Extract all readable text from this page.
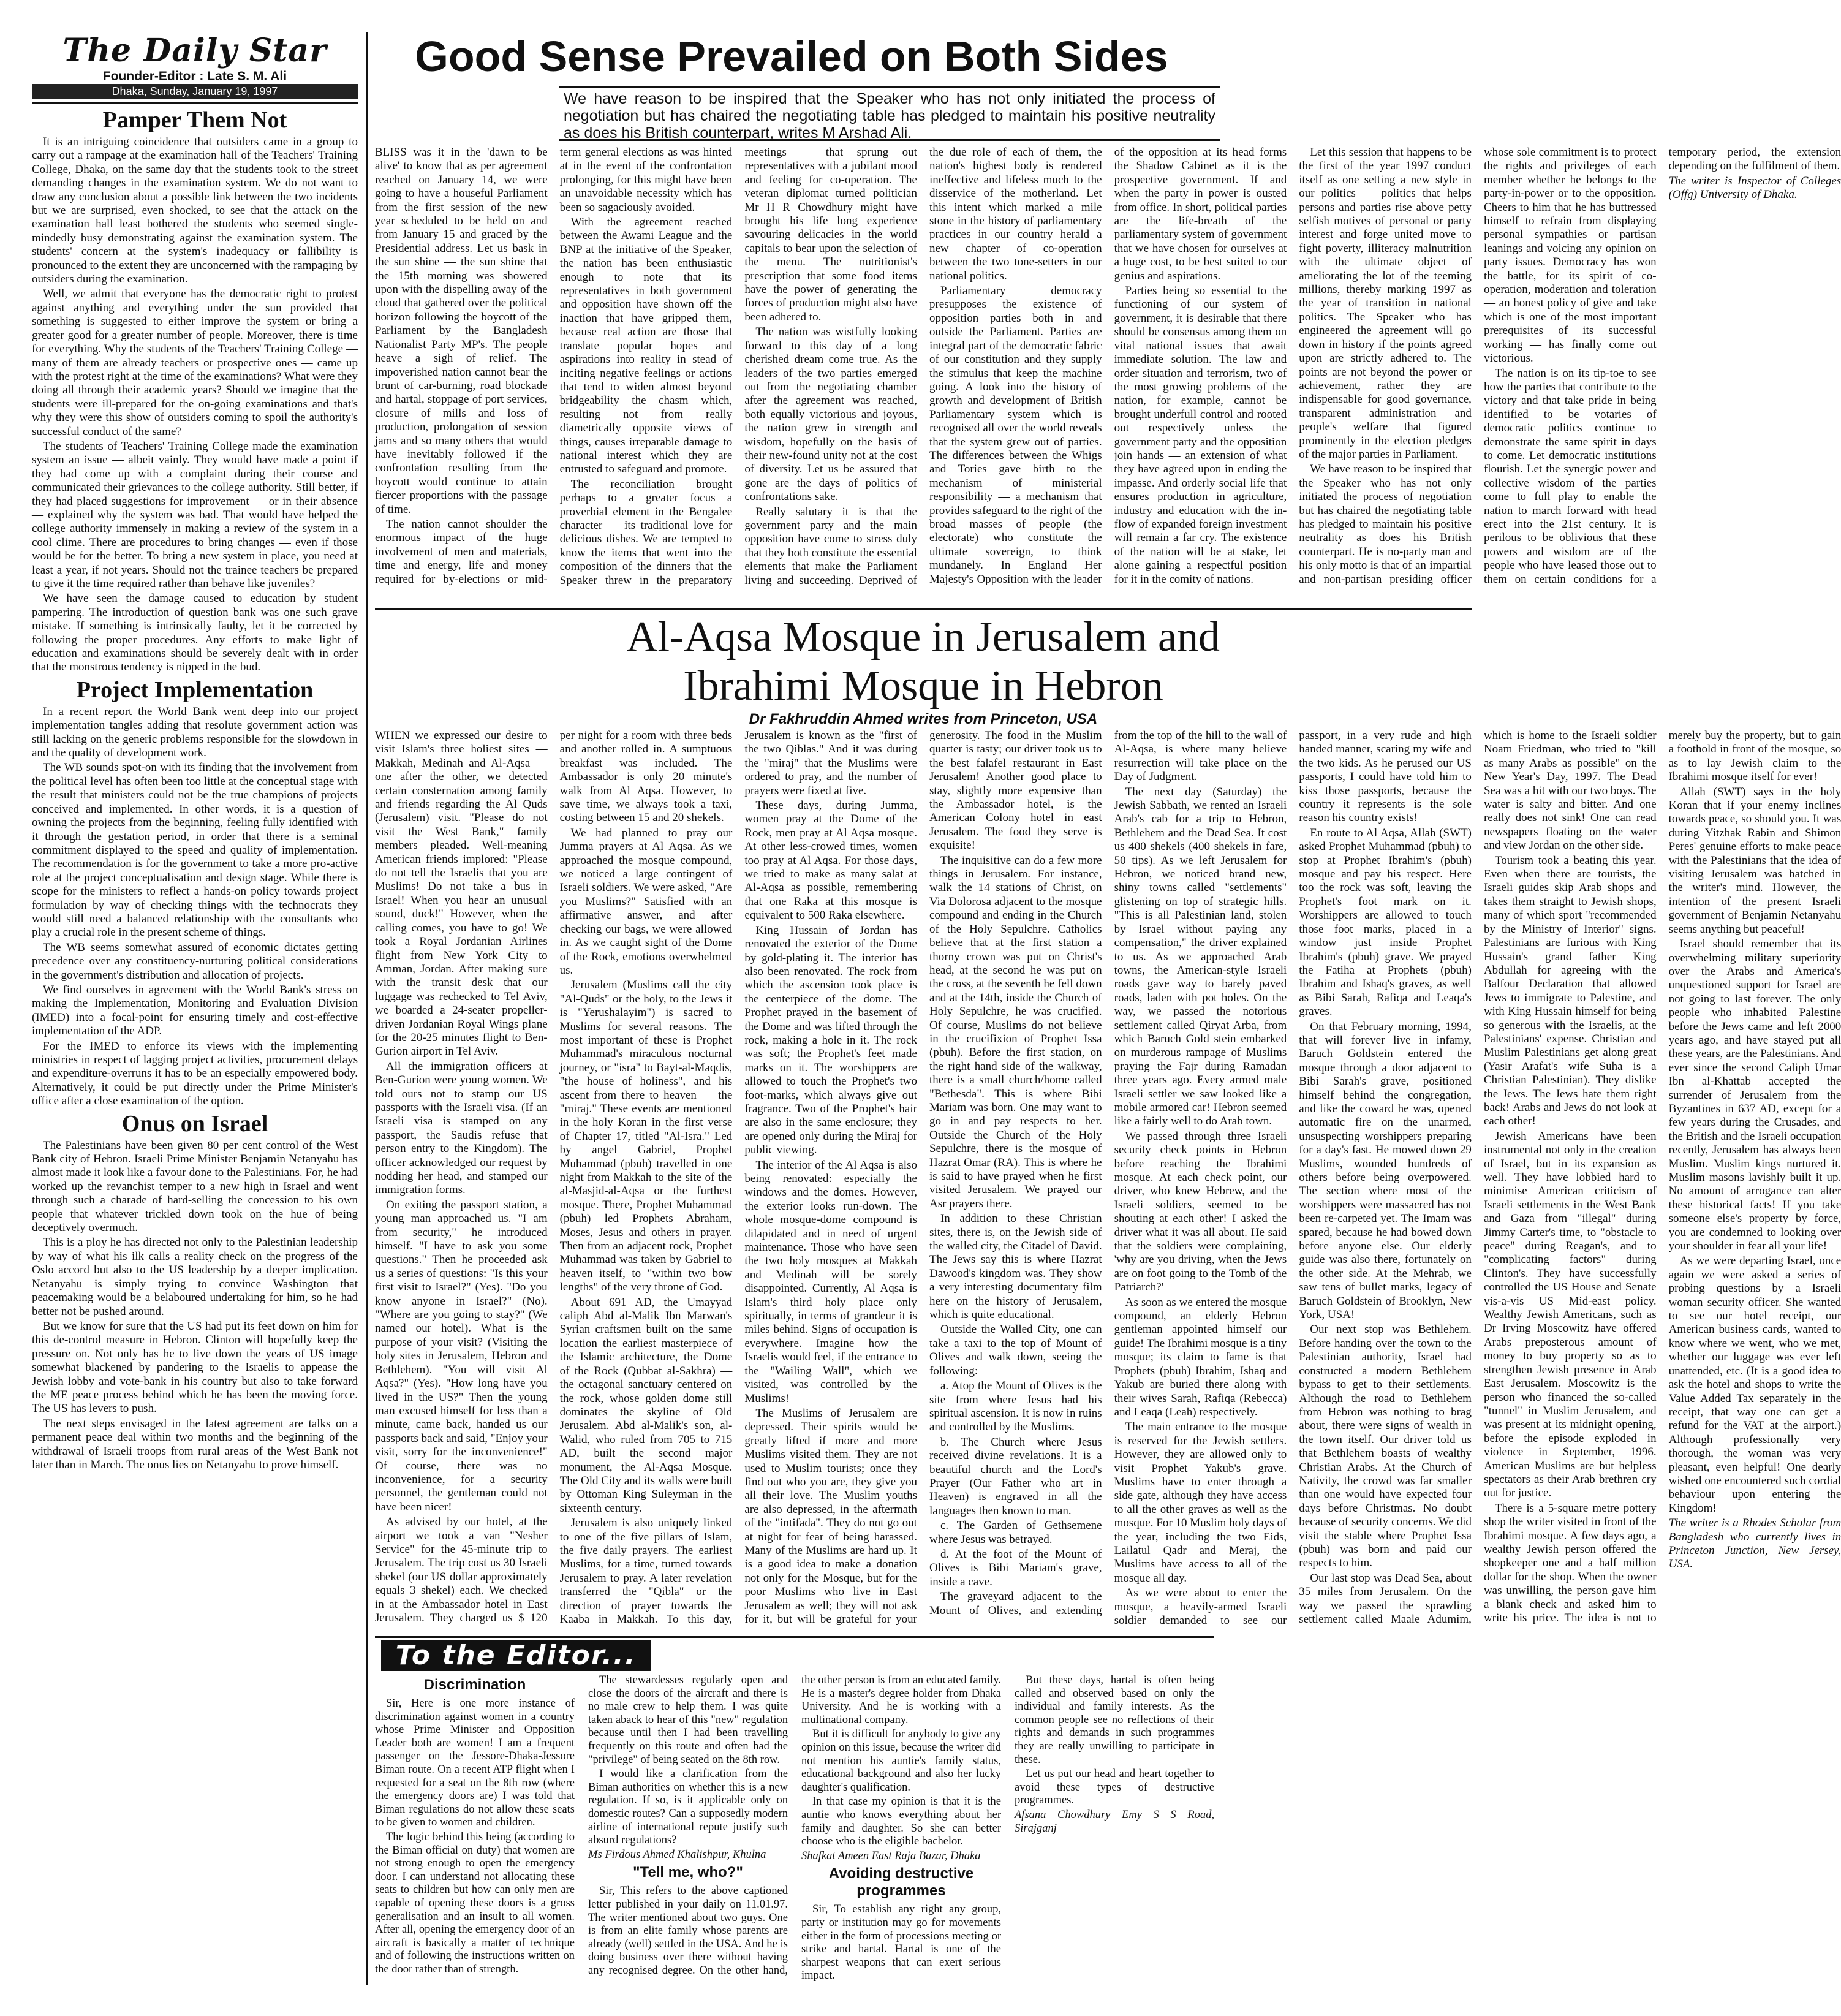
The Daily Star
Founder-Editor : Late S. M. Ali
Dhaka, Sunday, January 19, 1997
Pamper Them Not

It is an intriguing coincidence that outsiders came in a group to carry out a rampage at the examination hall of the Teachers' Training College, Dhaka, on the same day that the students took to the street demanding changes in the examination system. We do not want to draw any conclusion about a possible link between the two incidents but we are surprised, even shocked, to see that the attack on the examination hall least bothered the students who seemed single-mindedly busy demonstrating against the examination system. The students' concern at the system's inadequacy or fallibility is pronounced to the extent they are unconcerned with the rampaging by outsiders during the examination.

Well, we admit that everyone has the democratic right to protest against anything and everything under the sun provided that something is suggested to either improve the system or bring a greater good for a greater number of people. Moreover, there is time for everything. Why the students of the Teachers' Training College — many of them are already teachers or prospective ones — came up with the protest right at the time of the examinations? What were they doing all through their academic years? Should we imagine that the students were ill-prepared for the on-going examinations and that's why they were this show of outsiders coming to spoil the authority's successful conduct of the same?

The students of Teachers' Training College made the examination system an issue — albeit vainly. They would have made a point if they had come up with a complaint during their course and communicated their grievances to the college authority. Still better, if they had placed suggestions for improvement — or in their absence — explained why the system was bad. That would have helped the college authority immensely in making a review of the system in a cool clime. There are procedures to bring changes — even if those would be for the better. To bring a new system in place, you need at least a year, if not years. Should not the trainee teachers be prepared to give it the time required rather than behave like juveniles?

We have seen the damage caused to education by student pampering. The introduction of question bank was one such grave mistake. If something is intrinsically faulty, let it be corrected by following the proper procedures. Any efforts to make light of education and examinations should be severely dealt with in order that the monstrous tendency is nipped in the bud.

Project Implementation

In a recent report the World Bank went deep into our project implementation tangles adding that resolute government action was still lacking on the generic problems responsible for the slowdown in and the quality of development work.

The WB sounds spot-on with its finding that the involvement from the political level has often been too little at the conceptual stage with the result that ministers could not be the true champions of projects conceived and implemented. In other words, it is a question of owning the projects from the beginning, feeling fully identified with it through the gestation period, in order that there is a seminal commitment displayed to the speed and quality of implementation. The recommendation is for the government to take a more pro-active role at the project conceptualisation and design stage. While there is scope for the ministers to reflect a hands-on policy towards project formulation by way of checking things with the technocrats they would still need a balanced relationship with the consultants who play a crucial role in the present scheme of things.

The WB seems somewhat assured of economic dictates getting precedence over any constituency-nurturing political considerations in the government's distribution and allocation of projects.

We find ourselves in agreement with the World Bank's stress on making the Implementation, Monitoring and Evaluation Division (IMED) into a focal-point for ensuring timely and cost-effective implementation of the ADP.

For the IMED to enforce its views with the implementing ministries in respect of lagging project activities, procurement delays and expenditure-overruns it has to be an especially empowered body. Alternatively, it could be put directly under the Prime Minister's office after a close examination of the option.

Onus on Israel

The Palestinians have been given 80 per cent control of the West Bank city of Hebron. Israeli Prime Minister Benjamin Netanyahu has almost made it look like a favour done to the Palestinians. For, he had worked up the revanchist temper to a new high in Israel and went through such a charade of hard-selling the concession to his own people that whatever trickled down took on the hue of being deceptively overmuch.

This is a ploy he has directed not only to the Palestinian leadership by way of what his ilk calls a reality check on the progress of the Oslo accord but also to the US leadership by a deeper implication. Netanyahu is simply trying to convince Washington that peacemaking would be a belaboured undertaking for him, so he had better not be pushed around.

But we know for sure that the US had put its feet down on him for this de-control measure in Hebron. Clinton will hopefully keep the pressure on. Not only has he to live down the years of US image somewhat blackened by pandering to the Israelis to appease the Jewish lobby and vote-bank in his country but also to take forward the ME peace process behind which he has been the moving force. The US has levers to push.

The next steps envisaged in the latest agreement are talks on a permanent peace deal within two months and the beginning of the withdrawal of Israeli troops from rural areas of the West Bank not later than in March. The onus lies on Netanyahu to prove himself.

Good Sense Prevailed on Both Sides
We have reason to be inspired that the Speaker who has not only initiated the process of negotiation but has chaired the negotiating table has pledged to maintain his positive neutrality as does his British counterpart, writes M Arshad Ali.

BLISS was it in the 'dawn to be alive' to know that as per agreement reached on January 14, we were going to have a houseful Parliament from the first session of the new year scheduled to be held on and from January 15 and graced by the Presidential address. Let us bask in the sun shine — the sun shine that the 15th morning was showered upon with the dispelling away of the cloud that gathered over the political horizon following the boycott of the Parliament by the Bangladesh Nationalist Party MP's. The people heave a sigh of relief. The impoverished nation cannot bear the brunt of car-burning, road blockade and hartal, stoppage of port services, closure of mills and loss of production, prolongation of session jams and so many others that would have inevitably followed if the confrontation resulting from the boycott would continue to attain fiercer proportions with the passage of time.

The nation cannot shoulder the enormous impact of the huge involvement of men and materials, time and energy, life and money required for by-elections or mid-term general elections as was hinted at in the event of the confrontation prolonging, for this might have been an unavoidable necessity which has been so sagaciously avoided.

With the agreement reached between the Awami League and the BNP at the initiative of the Speaker, the nation has been enthusiastic enough to note that its representatives in both government and opposition have shown off the inaction that have gripped them, because real action are those that translate popular hopes and aspirations into reality in stead of inciting negative feelings or actions that tend to widen almost beyond bridgeability the chasm which, resulting not from really diametrically opposite views of things, causes irreparable damage to national interest which they are entrusted to safeguard and promote.

The reconciliation brought perhaps to a greater focus a proverbial element in the Bengalee character — its traditional love for delicious dishes. We are tempted to know the items that went into the composition of the dinners that the Speaker threw in the preparatory meetings — that sprung out representatives with a jubilant mood and feeling for co-operation. The veteran diplomat turned politician Mr H R Chowdhury might have brought his life long experience savouring delicacies in the world capitals to bear upon the selection of the menu. The nutritionist's prescription that some food items have the power of generating the forces of production might also have been adhered to.

The nation was wistfully looking forward to this day of a long cherished dream come true. As the leaders of the two parties emerged out from the negotiating chamber after the agreement was reached, both equally victorious and joyous, the nation grew in strength and wisdom, hopefully on the basis of their new-found unity not at the cost of diversity. Let us be assured that gone are the days of politics of confrontations sake.

Really salutary it is that the government party and the main opposition have come to stress duly that they both constitute the essential elements that make the Parliament living and succeeding. Deprived of the due role of each of them, the nation's highest body is rendered ineffective and lifeless much to the disservice of the motherland. Let this intent which marked a mile stone in the history of parliamentary practices in our country herald a new chapter of co-operation between the two tone-setters in our national politics.

Parliamentary democracy presupposes the existence of opposition parties both in and outside the Parliament. Parties are integral part of the democratic fabric of our constitution and they supply the stimulus that keep the machine going. A look into the history of growth and development of British Parliamentary system which is recognised all over the world reveals that the system grew out of parties. The differences between the Whigs and Tories gave birth to the mechanism of ministerial responsibility — a mechanism that provides safeguard to the right of the broad masses of people (the electorate) who constitute the ultimate sovereign, to think mundanely. In England Her Majesty's Opposition with the leader of the opposition at its head forms the Shadow Cabinet as it is the prospective government. If and when the party in power is ousted from office. In short, political parties are the life-breath of the parliamentary system of government that we have chosen for ourselves at a huge cost, to be best suited to our genius and aspirations.

Parties being so essential to the functioning of our system of government, it is desirable that there should be consensus among them on vital national issues that await immediate solution. The law and order situation and terrorism, two of the most growing problems of the nation, for example, cannot be brought underfull control and rooted out respectively unless the government party and the opposition join hands — an extension of what they have agreed upon in ending the impasse. And orderly social life that ensures production in agriculture, industry and education with the in-flow of expanded foreign investment will remain a far cry. The existence of the nation will be at stake, let alone gaining a respectful position for it in the comity of nations.

Let this session that happens to be the first of the year 1997 conduct itself as one setting a new style in our politics — politics that helps persons and parties rise above petty selfish motives of personal or party interest and forge united move to fight poverty, illiteracy malnutrition with the ultimate object of ameliorating the lot of the teeming millions, thereby marking 1997 as the year of transition in national politics. The Speaker who has engineered the agreement will go down in history if the points agreed upon are strictly adhered to. The points are not beyond the power or achievement, rather they are indispensable for good governance, transparent administration and people's welfare that figured prominently in the election pledges of the major parties in Parliament.

We have reason to be inspired that the Speaker who has not only initiated the process of negotiation but has chaired the negotiating table has pledged to maintain his positive neutrality as does his British counterpart. He is no-party man and his only motto is that of an impartial and non-partisan presiding officer whose sole commitment is to protect the rights and privileges of each member whether he belongs to the party-in-power or to the opposition. Cheers to him that he has buttressed himself to refrain from displaying personal sympathies or partisan leanings and voicing any opinion on party issues. Democracy has won the battle, for its spirit of co-operation, moderation and toleration — an honest policy of give and take which is one of the most important prerequisites of its successful working — has finally come out victorious.

The nation is on its tip-toe to see how the parties that contribute to the victory and that take pride in being identified to be votaries of democratic politics continue to demonstrate the same spirit in days to come. Let democratic institutions flourish. Let the synergic power and collective wisdom of the parties come to full play to enable the nation to march forward with head erect into the 21st century. It is perilous to be oblivious that these powers and wisdom are of the people who have leased those out to them on certain conditions for a temporary period, the extension depending on the fulfilment of them.

The writer is Inspector of Colleges (Offg) University of Dhaka.

Al-Aqsa Mosque in Jerusalem and
Ibrahimi Mosque in Hebron
Dr Fakhruddin Ahmed writes from Princeton, USA

WHEN we expressed our desire to visit Islam's three holiest sites — Makkah, Medinah and Al-Aqsa — one after the other, we detected certain consternation among family and friends regarding the Al Quds (Jerusalem) visit. "Please do not visit the West Bank," family members pleaded. Well-meaning American friends implored: "Please do not tell the Israelis that you are Muslims! Do not take a bus in Israel! When you hear an unusual sound, duck!" However, when the calling comes, you have to go! We took a Royal Jordanian Airlines flight from New York City to Amman, Jordan. After making sure with the transit desk that our luggage was rechecked to Tel Aviv, we boarded a 24-seater propeller-driven Jordanian Royal Wings plane for the 20-25 minutes flight to Ben-Gurion airport in Tel Aviv.

All the immigration officers at Ben-Gurion were young women. We told ours not to stamp our US passports with the Israeli visa. (If an Israeli visa is stamped on any passport, the Saudis refuse that person entry to the Kingdom). The officer acknowledged our request by nodding her head, and stamped our immigration forms.

On exiting the passport station, a young man approached us. "I am from security," he introduced himself. "I have to ask you some questions." Then he proceeded ask us a series of questions: "Is this your first visit to Israel?" (Yes). "Do you know anyone in Israel?" (No). "Where are you going to stay?" (We named our hotel). What is the purpose of your visit? (Visiting the holy sites in Jerusalem, Hebron and Bethlehem). "You will visit Al Aqsa?" (Yes). "How long have you lived in the US?" Then the young man excused himself for less than a minute, came back, handed us our passports back and said, "Enjoy your visit, sorry for the inconvenience!" Of course, there was no inconvenience, for a security personnel, the gentleman could not have been nicer!

As advised by our hotel, at the airport we took a van "Nesher Service" for the 45-minute trip to Jerusalem. The trip cost us 30 Israeli shekel (our US dollar approximately equals 3 shekel) each. We checked in at the Ambassador hotel in East Jerusalem. They charged us $ 120 per night for a room with three beds and another rolled in. A sumptuous breakfast was included. The Ambassador is only 20 minute's walk from Al Aqsa. However, to save time, we always took a taxi, costing between 15 and 20 shekels.

We had planned to pray our Jumma prayers at Al Aqsa. As we approached the mosque compound, we noticed a large contingent of Israeli soldiers. We were asked, "Are you Muslims?" Satisfied with an affirmative answer, and after checking our bags, we were allowed in. As we caught sight of the Dome of the Rock, emotions overwhelmed us.

Jerusalem (Muslims call the city "Al-Quds" or the holy, to the Jews it is "Yerushalayim") is sacred to Muslims for several reasons. The most important of these is Prophet Muhammad's miraculous nocturnal journey, or "isra" to Bayt-al-Maqdis, "the house of holiness", and his ascent from there to heaven — the "miraj." These events are mentioned in the holy Koran in the first verse of Chapter 17, titled "Al-Isra." Led by angel Gabriel, Prophet Muhammad (pbuh) travelled in one night from Makkah to the site of the al-Masjid-al-Aqsa or the furthest mosque. There, Prophet Muhammad (pbuh) led Prophets Abraham, Moses, Jesus and others in prayer. Then from an adjacent rock, Prophet Muhammad was taken by Gabriel to heaven itself, to "within two bow lengths" of the very throne of God.

About 691 AD, the Umayyad caliph Abd al-Malik Ibn Marwan's Syrian craftsmen built on the same location the earliest masterpiece of the Islamic architecture, the Dome of the Rock (Qubbat al-Sakhra) — the octagonal sanctuary centered on the rock, whose golden dome still dominates the skyline of Old Jerusalem. Abd al-Malik's son, al-Walid, who ruled from 705 to 715 AD, built the second major monument, the Al-Aqsa Mosque. The Old City and its walls were built by Ottoman King Suleyman in the sixteenth century.

Jerusalem is also uniquely linked to one of the five pillars of Islam, the five daily prayers. The earliest Muslims, for a time, turned towards Jerusalem to pray. A later revelation transferred the "Qibla" or the direction of prayer towards the Kaaba in Makkah. To this day, Jerusalem is known as the "first of the two Qiblas." And it was during the "miraj" that the Muslims were ordered to pray, and the number of prayers were fixed at five.

These days, during Jumma, women pray at the Dome of the Rock, men pray at Al Aqsa mosque. At other less-crowed times, women too pray at Al Aqsa. For those days, we tried to make as many salat at Al-Aqsa as possible, remembering that one Raka at this mosque is equivalent to 500 Raka elsewhere.

King Hussain of Jordan has renovated the exterior of the Dome by gold-plating it. The interior has also been renovated. The rock from which the ascension took place is the centerpiece of the dome. The Prophet prayed in the basement of the Dome and was lifted through the rock, making a hole in it. The rock was soft; the Prophet's feet made marks on it. The worshippers are allowed to touch the Prophet's two foot-marks, which always give out fragrance. Two of the Prophet's hair are also in the same enclosure; they are opened only during the Miraj for public viewing.

The interior of the Al Aqsa is also being renovated: especially the windows and the domes. However, the exterior looks run-down. The whole mosque-dome compound is dilapidated and in need of urgent maintenance. Those who have seen the two holy mosques at Makkah and Medinah will be sorely disappointed. Currently, Al Aqsa is Islam's third holy place only spiritually, in terms of grandeur it is miles behind. Signs of occupation is everywhere. Imagine how the Israelis would feel, if the entrance to the "Wailing Wall", which we visited, was controlled by the Muslims!

The Muslims of Jerusalem are depressed. Their spirits would be greatly lifted if more and more Muslims visited them. They are not used to Muslim tourists; once they find out who you are, they give you all their love. The Muslim youths are also depressed, in the aftermath of the "intifada". They do not go out at night for fear of being harassed. Many of the Muslims are hard up. It is a good idea to make a donation not only for the Mosque, but for the poor Muslims who live in East Jerusalem as well; they will not ask for it, but will be grateful for your generosity. The food in the Muslim quarter is tasty; our driver took us to the best falafel restaurant in East Jerusalem! Another good place to stay, slightly more expensive than the Ambassador hotel, is the American Colony hotel in east Jerusalem. The food they serve is exquisite!

The inquisitive can do a few more things in Jerusalem. For instance, walk the 14 stations of Christ, on Via Dolorosa adjacent to the mosque compound and ending in the Church of the Holy Sepulchre. Catholics believe that at the first station a thorny crown was put on Christ's head, at the second he was put on the cross, at the seventh he fell down and at the 14th, inside the Church of Holy Sepulchre, he was crucified. Of course, Muslims do not believe in the crucifixion of Prophet Issa (pbuh). Before the first station, on the right hand side of the walkway, there is a small church/home called "Bethesda". This is where Bibi Mariam was born. One may want to go in and pay respects to her. Outside the Church of the Holy Sepulchre, there is the mosque of Hazrat Omar (RA). This is where he is said to have prayed when he first visited Jerusalem. We prayed our Asr prayers there.

In addition to these Christian sites, there is, on the Jewish side of the walled city, the Citadel of David. The Jews say this is where Hazrat Dawood's kingdom was. They show a very interesting documentary film here on the history of Jerusalem, which is quite educational.

Outside the Walled City, one can take a taxi to the top of Mount of Olives and walk down, seeing the following:

a. Atop the Mount of Olives is the site from where Jesus had his spiritual ascension. It is now in ruins and controlled by the Muslims.

b. The Church where Jesus received divine revelations. It is a beautiful church and the Lord's Prayer (Our Father who art in Heaven) is engraved in all the languages then known to man.

c. The Garden of Gethsemene where Jesus was betrayed.

d. At the foot of the Mount of Olives is Bibi Mariam's grave, inside a cave.

The graveyard adjacent to the Mount of Olives, and extending from the top of the hill to the wall of Al-Aqsa, is where many believe resurrection will take place on the Day of Judgment.

The next day (Saturday) the Jewish Sabbath, we rented an Israeli Arab's cab for a trip to Hebron, Bethlehem and the Dead Sea. It cost us 400 shekels (400 shekels in fare, 50 tips). As we left Jerusalem for Hebron, we noticed brand new, shiny towns called "settlements" glistening on top of strategic hills. "This is all Palestinian land, stolen by Israel without paying any compensation," the driver explained to us. As we approached Arab towns, the American-style Israeli roads gave way to barely paved roads, laden with pot holes. On the way, we passed the notorious settlement called Qiryat Arba, from which Baruch Gold stein embarked on murderous rampage of Muslims praying the Fajr during Ramadan three years ago. Every armed male Israeli settler we saw looked like a mobile armored car! Hebron seemed like a fairly well to do Arab town.

We passed through three Israeli security check points in Hebron before reaching the Ibrahimi mosque. At each check point, our driver, who knew Hebrew, and the Israeli soldiers, seemed to be shouting at each other! I asked the driver what it was all about. He said that the soldiers were complaining, 'why are you driving, when the Jews are on foot going to the Tomb of the Patriarch?'

As soon as we entered the mosque compound, an elderly Hebron gentleman appointed himself our guide! The Ibrahimi mosque is a tiny mosque; its claim to fame is that Prophets (pbuh) Ibrahim, Ishaq and Yakub are buried there along with their wives Sarah, Rafiqa (Rebecca) and Leaqa (Leah) respectively.

The main entrance to the mosque is reserved for the Jewish settlers. However, they are allowed only to visit Prophet Yakub's grave. Muslims have to enter through a side gate, although they have access to all the other graves as well as the mosque. For 10 Muslim holy days of the year, including the two Eids, Lailatul Qadr and Meraj, the Muslims have access to all of the mosque all day.

As we were about to enter the mosque, a heavily-armed Israeli soldier demanded to see our passport, in a very rude and high handed manner, scaring my wife and the two kids. As he perused our US passports, I could have told him to kiss those passports, because the country it represents is the sole reason his country exists!

En route to Al Aqsa, Allah (SWT) asked Prophet Muhammad (pbuh) to stop at Prophet Ibrahim's (pbuh) mosque and pay his respect. Here too the rock was soft, leaving the Prophet's foot mark on it. Worshippers are allowed to touch those foot marks, placed in a window just inside Prophet Ibrahim's (pbuh) grave. We prayed the Fatiha at Prophets (pbuh) Ibrahim and Ishaq's graves, as well as Bibi Sarah, Rafiqa and Leaqa's graves.

On that February morning, 1994, that will forever live in infamy, Baruch Goldstein entered the mosque through a door adjacent to Bibi Sarah's grave, positioned himself behind the congregation, and like the coward he was, opened automatic fire on the unarmed, unsuspecting worshippers preparing for a day's fast. He mowed down 29 Muslims, wounded hundreds of others before being overpowered. The section where most of the worshippers were massacred has not been re-carpeted yet. The Imam was spared, because he had bowed down before anyone else. Our elderly guide was also there, fortunately on the other side. At the Mehrab, we saw tens of bullet marks, legacy of Baruch Goldstein of Brooklyn, New York, USA!

Our next stop was Bethlehem. Before handing over the town to the Palestinian authority, Israel had constructed a modern Bethlehem bypass to get to their settlements. Although the road to Bethlehem from Hebron was nothing to brag about, there were signs of wealth in the town itself. Our driver told us that Bethlehem boasts of wealthy Christian Arabs. At the Church of Nativity, the crowd was far smaller than one would have expected four days before Christmas. No doubt because of security concerns. We did visit the stable where Prophet Issa (pbuh) was born and paid our respects to him.

Our last stop was Dead Sea, about 35 miles from Jerusalem. On the way we passed the sprawling settlement called Maale Adumim, which is home to the Israeli soldier Noam Friedman, who tried to "kill as many Arabs as possible" on the New Year's Day, 1997. The Dead Sea was a hit with our two boys. The water is salty and bitter. And one really does not sink! One can read newspapers floating on the water and view Jordan on the other side.

Tourism took a beating this year. Even when there are tourists, the Israeli guides skip Arab shops and takes them straight to Jewish shops, many of which sport "recommended by the Ministry of Interior" signs. Palestinians are furious with King Hussain's grand father King Abdullah for agreeing with the Balfour Declaration that allowed Jews to immigrate to Palestine, and with King Hussain himself for being so generous with the Israelis, at the Palestinians' expense. Christian and Muslim Palestinians get along great (Yasir Arafat's wife Suha is a Christian Palestinian). They dislike the Jews. The Jews hate them right back! Arabs and Jews do not look at each other!

Jewish Americans have been instrumental not only in the creation of Israel, but in its expansion as well. They have lobbied hard to minimise American criticism of Israeli settlements in the West Bank and Gaza from "illegal" during Jimmy Carter's time, to "obstacle to peace" during Reagan's, and to "complicating factors" during Clinton's. They have successfully controlled the US House and Senate vis-a-vis US Mid-east policy. Wealthy Jewish Americans, such as Dr Irving Moscowitz have offered Arabs preposterous amount of money to buy property so as to strengthen Jewish presence in Arab East Jerusalem. Moscowitz is the person who financed the so-called "tunnel" in Muslim Jerusalem, and was present at its midnight opening, before the episode exploded in violence in September, 1996. American Muslims are but helpless spectators as their Arab brethren cry out for justice.

There is a 5-square metre pottery shop the writer visited in front of the Ibrahimi mosque. A few days ago, a wealthy Jewish person offered the shopkeeper one and a half million dollar for the shop. When the owner was unwilling, the person gave him a blank check and asked him to write his price. The idea is not to merely buy the property, but to gain a foothold in front of the mosque, so as to lay Jewish claim to the Ibrahimi mosque itself for ever!

Allah (SWT) says in the holy Koran that if your enemy inclines towards peace, so should you. It was during Yitzhak Rabin and Shimon Peres' genuine efforts to make peace with the Palestinians that the idea of visiting Jerusalem was hatched in the writer's mind. However, the intention of the present Israeli government of Benjamin Netanyahu seems anything but peaceful!

Israel should remember that its overwhelming military superiority over the Arabs and America's unquestioned support for Israel are not going to last forever. The only people who inhabited Palestine before the Jews came and left 2000 years ago, and have stayed put all these years, are the Palestinians. And ever since the second Caliph Umar Ibn al-Khattab accepted the surrender of Jerusalem from the Byzantines in 637 AD, except for a few years during the Crusades, and the British and the Israeli occupation recently, Jerusalem has always been Muslim. Muslim kings nurtured it. Muslim masons lavishly built it up. No amount of arrogance can alter these historical facts! If you take someone else's property by force, you are condemned to looking over your shoulder in fear all your life!

As we were departing Israel, once again we were asked a series of probing questions by a Israeli woman security officer. She wanted to see our hotel receipt, our American business cards, wanted to know where we went, who we met, whether our luggage was ever left unattended, etc. (It is a good idea to ask the hotel and shops to write the Value Added Tax separately in the receipt, that way one can get a refund for the VAT at the airport.) Although professionally very thorough, the woman was very pleasant, even helpful! One dearly wished one encountered such cordial behaviour upon entering the Kingdom!

The writer is a Rhodes Scholar from Bangladesh who currently lives in Princeton Junction, New Jersey, USA.

To the Editor...
Discrimination

Sir, Here is one more instance of discrimination against women in a country whose Prime Minister and Opposition Leader both are women! I am a frequent passenger on the Jessore-Dhaka-Jessore Biman route. On a recent ATP flight when I requested for a seat on the 8th row (where the emergency doors are) I was told that Biman regulations do not allow these seats to be given to women and children.

The logic behind this being (according to the Biman official on duty) that women are not strong enough to open the emergency door. I can understand not allocating these seats to children but how can only men are capable of opening these doors is a gross generalisation and an insult to all women. After all, opening the emergency door of an aircraft is basically a matter of technique and of following the instructions written on the door rather than of strength.

The stewardesses regularly open and close the doors of the aircraft and there is no male crew to help them. I was quite taken aback to hear of this "new" regulation because until then I had been travelling frequently on this route and often had the "privilege" of being seated on the 8th row.

I would like a clarification from the Biman authorities on whether this is a new regulation. If so, is it applicable only on domestic routes? Can a supposedly modern airline of international repute justify such absurd regulations?

Ms Firdous Ahmed Khalishpur, Khulna

"Tell me, who?"

Sir, This refers to the above captioned letter published in your daily on 11.01.97. The writer mentioned about two guys. One is from an elite family whose parents are already (well) settled in the USA. And he is doing business over there without having any recognised degree. On the other hand, the other person is from an educated family. He is a master's degree holder from Dhaka University. And he is working with a multinational company.

But it is difficult for anybody to give any opinion on this issue, because the writer did not mention his auntie's family status, educational background and also her lucky daughter's qualification.

In that case my opinion is that it is the auntie who knows everything about her family and daughter. So she can better choose who is the eligible bachelor.

Shafkat Ameen East Raja Bazar, Dhaka

Avoiding destructive programmes

Sir, To establish any right any group, party or institution may go for movements either in the form of processions meeting or strike and hartal. Hartal is one of the sharpest weapons that can exert serious impact.

But these days, hartal is often being called and observed based on only the individual and family interests. As the common people see no reflections of their rights and demands in such programmes they are really unwilling to participate in these.

Let us put our head and heart together to avoid these types of destructive programmes.

Afsana Chowdhury Emy S S Road, Sirajganj
